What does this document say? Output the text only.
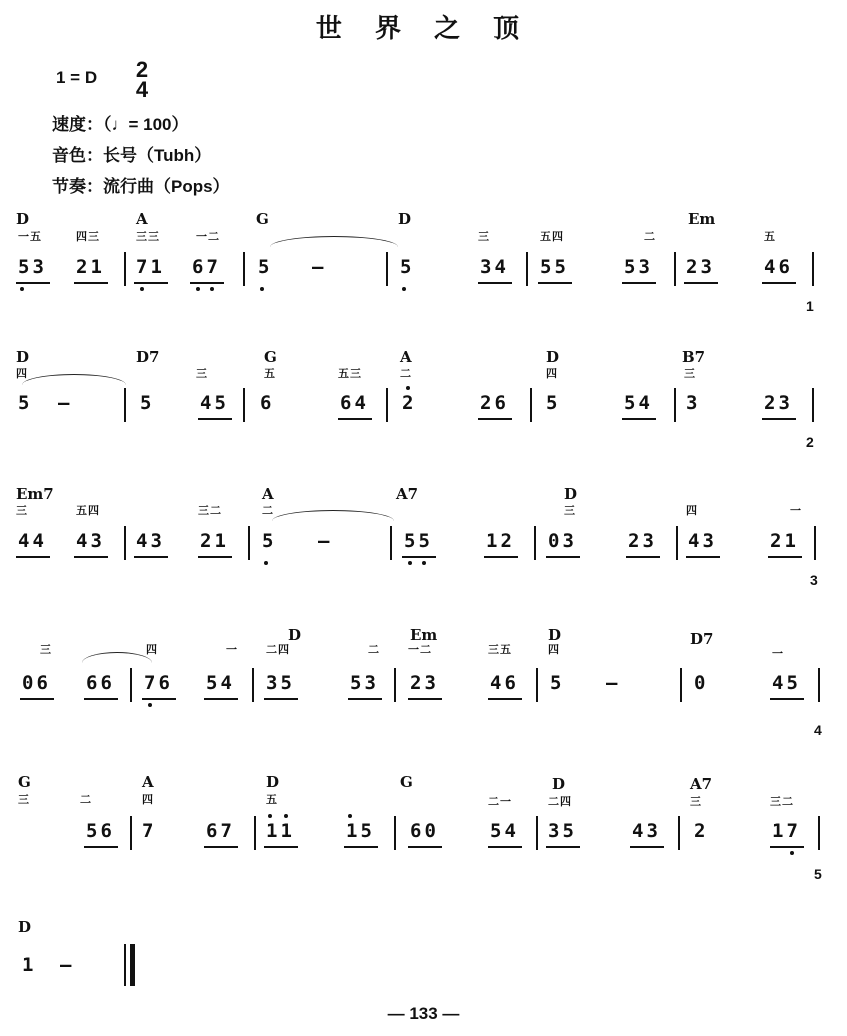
世 界 之 顶
1 = D	2 4
速度：（♩= 100）
音色：长号（Tubh）
节奏：流行曲（Pops）
D	A	G	D	Em
一五	四三	三三	一二	三	五四	二	五
53 21 71 67 5 —	5	34 55	53 23	46
1
D	D7	G	A	D	B7
四	三	五	五三	二	四	三
5 —	5 45 6	64 2	26 5	54 3	23
2
Em7	A	A7	D
三	五四	三二	二	三	四	一
44 43 43 21 5 —	55	12 03	23 43	21
3
D	Em	D	D7
三	四	一	二四	二	一二	三五	四	一
06 66 76 54 35	53 23	46 5 —	0	45
4
G	A	D	G	D	A7
三	二	四	五	二一	二四	三	三二
56 7	67 11	15 60	54 35	43 2	17
5
D
1 —
— 133 —
